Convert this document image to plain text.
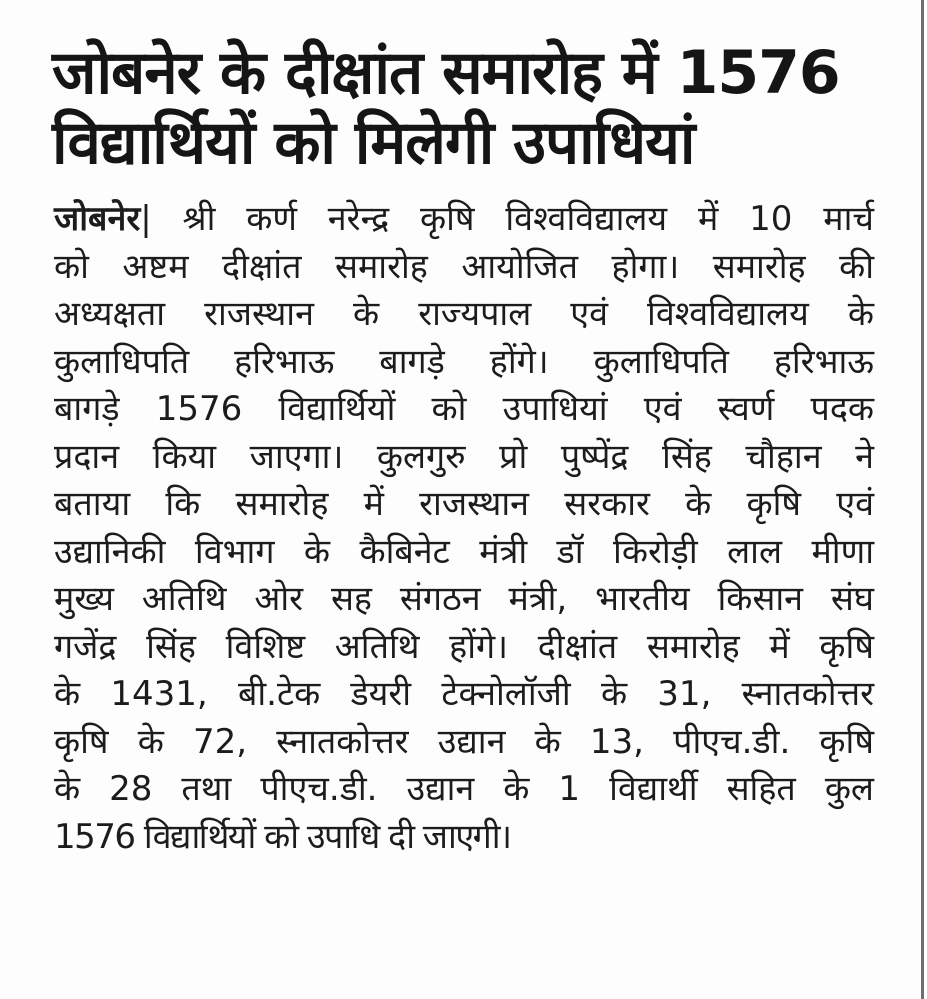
जोबनेर के दीक्षांत समारोह में 1576
विद्यार्थियों को मिलेगी उपाधियां
जोबनेर| श्री कर्ण नरेन्द्र कृषि विश्वविद्यालय में 10 मार्च
को अष्टम दीक्षांत समारोह आयोजित होगा। समारोह की
अध्यक्षता राजस्थान के राज्यपाल एवं विश्वविद्यालय के
कुलाधिपति हरिभाऊ बागड़े होंगे। कुलाधिपति हरिभाऊ
बागड़े 1576 विद्यार्थियों को उपाधियां एवं स्वर्ण पदक
प्रदान किया जाएगा। कुलगुरु प्रो पुष्पेंद्र सिंह चौहान ने
बताया कि समारोह में राजस्थान सरकार के कृषि एवं
उद्यानिकी विभाग के कैबिनेट मंत्री डॉ किरोड़ी लाल मीणा
मुख्य अतिथि ओर सह संगठन मंत्री, भारतीय किसान संघ
गजेंद्र सिंह विशिष्ट अतिथि होंगे। दीक्षांत समारोह में कृषि
के 1431, बी.टेक डेयरी टेक्नोलॉजी के 31, स्नातकोत्तर
कृषि के 72, स्नातकोत्तर उद्यान के 13, पीएच.डी. कृषि
के 28 तथा पीएच.डी. उद्यान के 1 विद्यार्थी सहित कुल
1576 विद्यार्थियों को उपाधि दी जाएगी।
